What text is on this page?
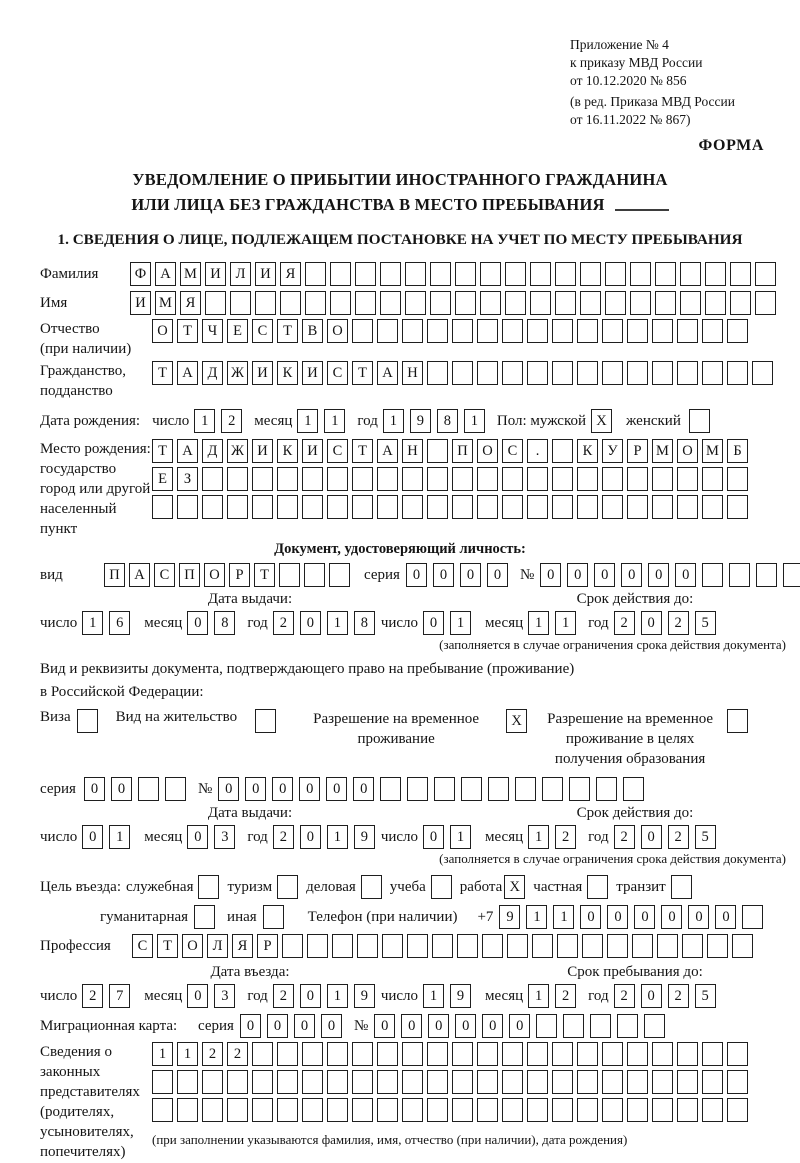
Приложение № 4
к приказу МВД России
от 10.12.2020 № 856
(в ред. Приказа МВД России
от 16.11.2022 № 867)
ФОРМА
УВЕДОМЛЕНИЕ О ПРИБЫТИИ ИНОСТРАННОГО ГРАЖДАНИНА
ИЛИ ЛИЦА БЕЗ ГРАЖДАНСТВА В МЕСТО ПРЕБЫВАНИЯ
1. СВЕДЕНИЯ О ЛИЦЕ, ПОДЛЕЖАЩЕМ ПОСТАНОВКЕ НА УЧЕТ ПО МЕСТУ ПРЕБЫВАНИЯ
Фамилия	Ф А М И	Л	И	Я
Имя	И М Я
Отчество
(при наличии)
О	Т	Ч	Е	С	Т	В	О
Гражданство,
подданство
Т	А	Д Ж И	К	И	С	Т	А	Н
Дата рождения: число 1	2	месяц 1	1	год 1	9	8	1	Пол: мужской X	женский
Место рождения:
государство
город или другой
населенный пункт
Т	А	Д Ж И	К	И	С	Т	А	Н	П	О	С	.	К	У	Р	М О М Б
Е	З
Документ, удостоверяющий личность:
вид	П	А	С	П	О	Р	Т	серия 0	0	0	0	№ 0	0	0	0	0	0
Дата выдачи:	Срок действия до:
число 1	6	месяц 0	8	год 2	0	1	8 число 0	1	месяц 1	1	год 2	0	2	5
(заполняется в случае ограничения срока действия документа)
Вид и реквизиты документа, подтверждающего право на пребывание (проживание)
в Российской Федерации:
Виза	Вид на жительство	Разрешение на временное
проживание
X	Разрешение на временное
проживание в целях
получения образования
серия	0	0	№ 0	0	0	0	0	0
Дата выдачи:	Срок действия до:
число 0	1	месяц 0	3	год 2	0	1	9 число 0	1	месяц 1	2	год 2	0	2	5
(заполняется в случае ограничения срока действия документа)
Цель въезда: служебная туризм деловая учеба работа X частная транзит
гуманитарная	иная	Телефон (при наличии) +7 9	1	1	0	0	0	0	0	0
Профессия	С	Т	О	Л	Я	Р
Дата въезда:	Срок пребывания до:
число 2	7	месяц 0	3	год 2	0	1	9 число 1	9	месяц 1	2	год 2	0	2	5
Миграционная карта:	серия 0	0	0	0	№ 0	0	0	0	0	0
Сведения о
законных
представителях
(родителях,
усыновителях,
попечителях)
1	1	2	2
(при заполнении указываются фамилия, имя, отчество (при наличии), дата рождения)
